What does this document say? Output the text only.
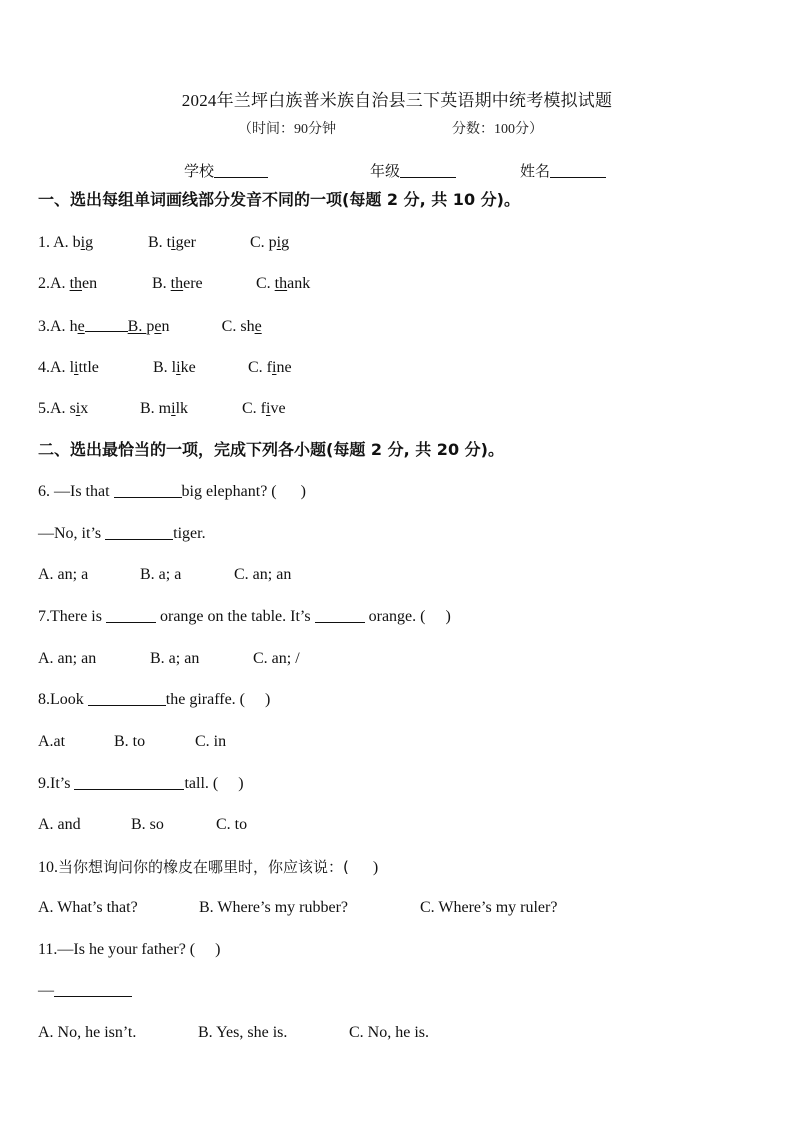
2024年兰坪白族普米族自治县三下英语期中统考模拟试题
（时间：90分钟	分数：100分）
学校	年级	姓名
一、选出每组单词画线部分发音不同的一项(每题 2 分, 共 10 分)。
1. A. big	B. tiger	C. pig
2.A. then	B. there	C. thank
3.A. he	B. pen	C. she
4.A. little	B. like	C. fine
5.A. six	B. milk	C. five
二、选出最恰当的一项，完成下列各小题(每题 2 分, 共 20 分)。
6. —Is that	big elephant? ( )
—No, it’s	tiger.
A. an; a	B. a; a	C. an; an
7.There is	orange on the table. It’s	orange. ( )
A. an; an	B. a; an	C. an; /
8.Look	the giraffe. ( )
A.at	B. to	C. in
9.It’s	tall. ( )
A. and	B. so	C. to
10.当你想询问你的橡皮在哪里时，你应该说：( )
A. What’s that?	B. Where’s my rubber?	C. Where’s my ruler?
11.—Is he your father? ( )
—
A. No, he isn’t.	B. Yes, she is.	C. No, he is.
